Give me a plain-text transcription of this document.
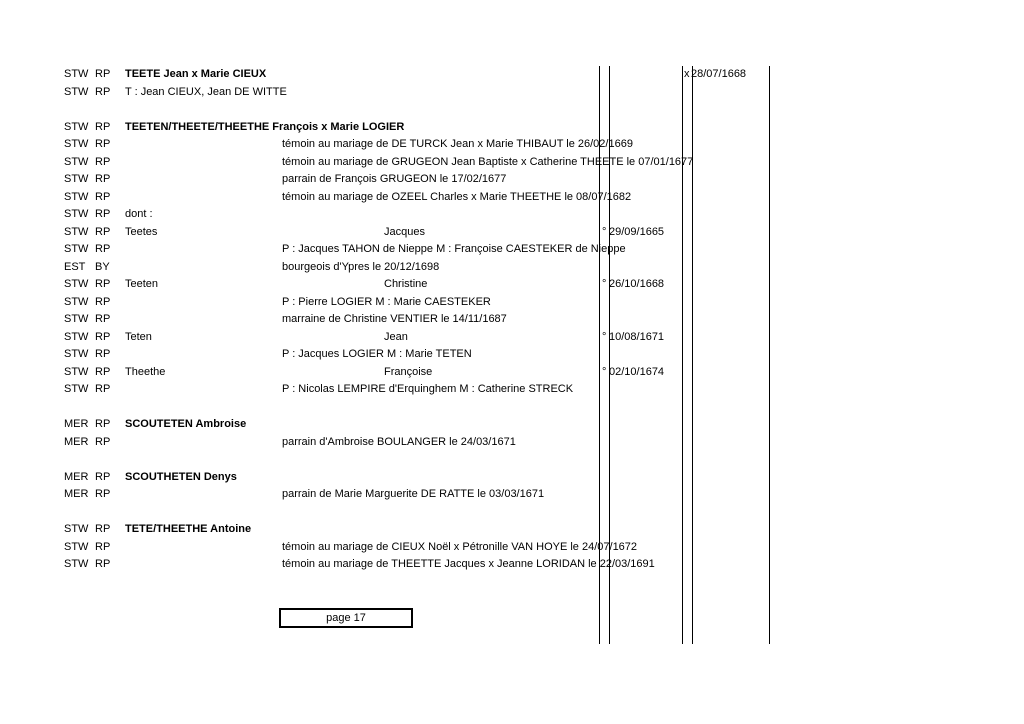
STW RP TEETE Jean x Marie CIEUX	x 28/07/1668
STW RP T : Jean CIEUX, Jean DE WITTE
STW RP TEETEN/THEETE/THEETHE François x Marie LOGIER
STW RP	témoin au mariage de DE TURCK Jean x Marie THIBAUT le 26/02/1669
STW RP	témoin au mariage de GRUGEON Jean Baptiste x Catherine THEETE le 07/01/1677
STW RP	parrain de François GRUGEON le 17/02/1677
STW RP	témoin au mariage de OZEEL Charles x Marie THEETHE le 08/07/1682
STW RP dont :
STW RP Teetes	Jacques	° 29/09/1665
STW RP	P : Jacques TAHON de Nieppe M : Françoise CAESTEKER de Nieppe
EST BY	bourgeois d'Ypres le 20/12/1698
STW RP Teeten	Christine	° 26/10/1668
STW RP	P : Pierre LOGIER M : Marie CAESTEKER
STW RP	marraine de Christine VENTIER le 14/11/1687
STW RP Teten	Jean	° 10/08/1671
STW RP	P : Jacques LOGIER M : Marie TETEN
STW RP Theethe	Françoise	° 02/10/1674
STW RP	P : Nicolas LEMPIRE d'Erquinghem M : Catherine STRECK
MER RP SCOUTETEN Ambroise
MER RP	parrain d'Ambroise BOULANGER le 24/03/1671
MER RP SCOUTHETEN Denys
MER RP	parrain de Marie Marguerite DE RATTE le 03/03/1671
STW RP TETE/THEETHE Antoine
STW RP	témoin au mariage de CIEUX Noël x Pétronille VAN HOYE le 24/07/1672
STW RP	témoin au mariage de THEETTE Jacques x Jeanne LORIDAN le 22/03/1691
page 17
